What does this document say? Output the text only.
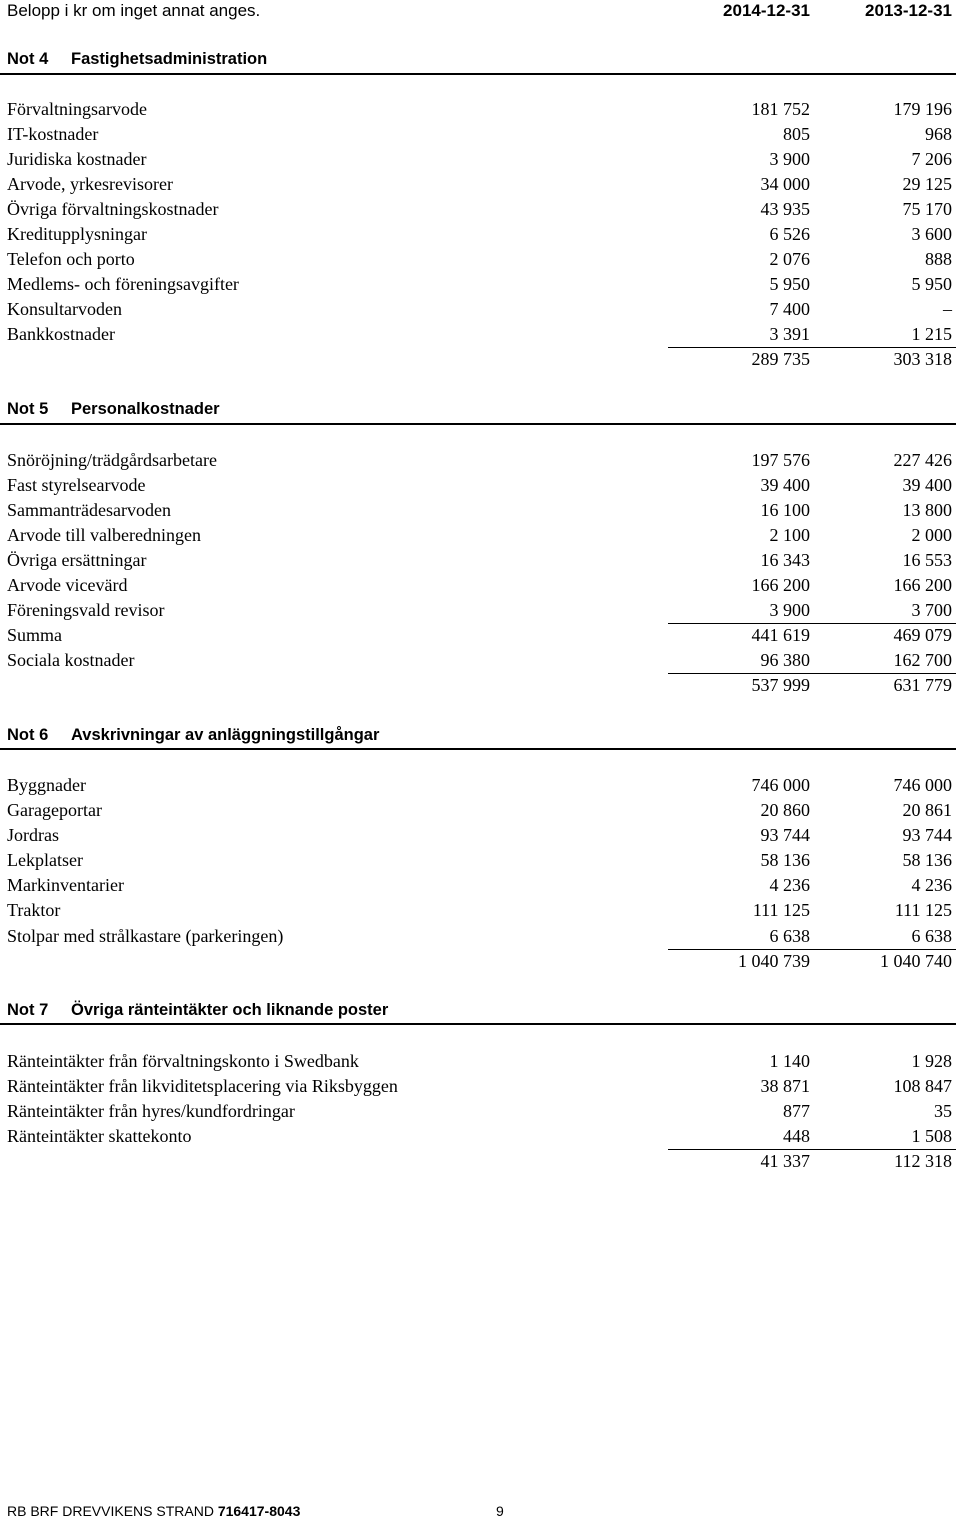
Belopp i kr om inget annat anges.	2014-12-31	2013-12-31
Not 4 Fastighetsadministration
Förvaltningsarvode	181 752	179 196
IT-kostnader	805	968
Juridiska kostnader	3 900	7 206
Arvode, yrkesrevisorer	34 000	29 125
Övriga förvaltningskostnader	43 935	75 170
Kreditupplysningar	6 526	3 600
Telefon och porto	2 076	888
Medlems- och föreningsavgifter	5 950	5 950
Konsultarvoden	7 400	–
Bankkostnader	3 391	1 215
289 735	303 318
Not 5 Personalkostnader
Snöröjning/trädgårdsarbetare	197 576	227 426
Fast styrelsearvode	39 400	39 400
Sammanträdesarvoden	16 100	13 800
Arvode till valberedningen	2 100	2 000
Övriga ersättningar	16 343	16 553
Arvode vicevärd	166 200	166 200
Föreningsvald revisor	3 900	3 700
Summa	441 619	469 079
Sociala kostnader	96 380	162 700
537 999	631 779
Not 6 Avskrivningar av anläggningstillgångar
Byggnader	746 000	746 000
Garageportar	20 860	20 861
Jordras	93 744	93 744
Lekplatser	58 136	58 136
Markinventarier	4 236	4 236
Traktor	111 125	111 125
Stolpar med strålkastare (parkeringen)	6 638	6 638
1 040 739	1 040 740
Not 7 Övriga ränteintäkter och liknande poster
Ränteintäkter från förvaltningskonto i Swedbank	1 140	1 928
Ränteintäkter från likviditetsplacering via Riksbyggen	38 871	108 847
Ränteintäkter från hyres/kundfordringar	877	35
Ränteintäkter skattekonto	448	1 508
41 337	112 318
RB BRF DREVVIKENS STRAND 716417-8043	9
